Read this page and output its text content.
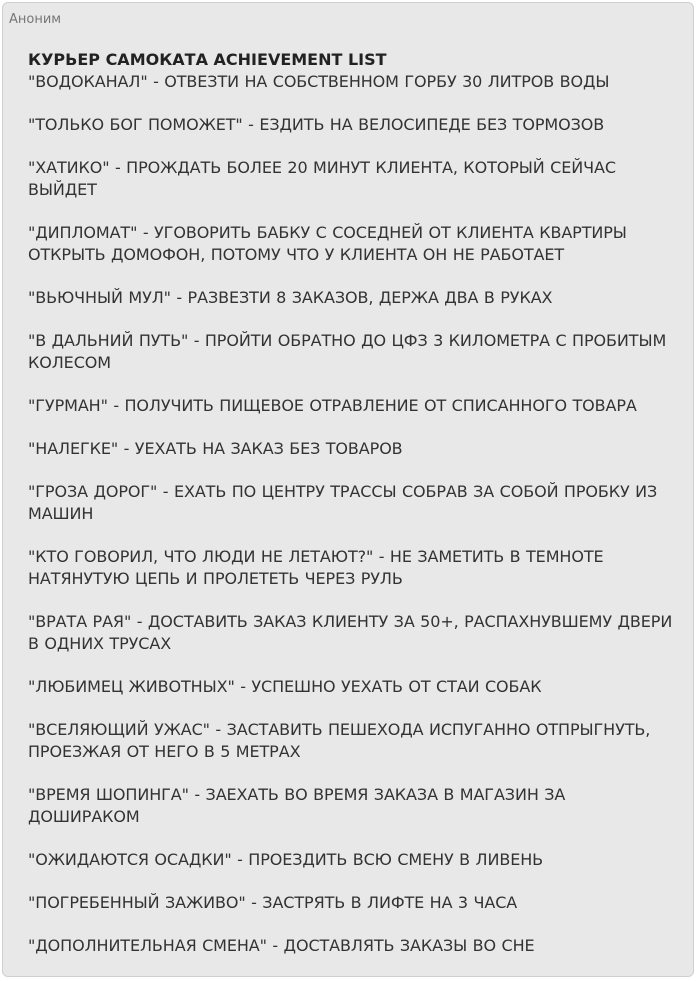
Аноним
КУРЬЕР САМОКАТА ACHIEVEMENT LIST
"ВОДОКАНАЛ" - ОТВЕЗТИ НА СОБСТВЕННОМ ГОРБУ 30 ЛИТРОВ ВОДЫ
"ТОЛЬКО БОГ ПОМОЖЕТ" - ЕЗДИТЬ НА ВЕЛОСИПЕДЕ БЕЗ ТОРМОЗОВ
"ХАТИКО" - ПРОЖДАТЬ БОЛЕЕ 20 МИНУТ КЛИЕНТА, КОТОРЫЙ СЕЙЧАС ВЫЙДЕТ
"ДИПЛОМАТ" - УГОВОРИТЬ БАБКУ С СОСЕДНЕЙ ОТ КЛИЕНТА КВАРТИРЫ ОТКРЫТЬ ДОМОФОН, ПОТОМУ ЧТО У КЛИЕНТА ОН НЕ РАБОТАЕТ
"ВЬЮЧНЫЙ МУЛ" - РАЗВЕЗТИ 8 ЗАКАЗОВ, ДЕРЖА ДВА В РУКАХ
"В ДАЛЬНИЙ ПУТЬ" - ПРОЙТИ ОБРАТНО ДО ЦФЗ 3 КИЛОМЕТРА С ПРОБИТЫМ КОЛЕСОМ
"ГУРМАН" - ПОЛУЧИТЬ ПИЩЕВОЕ ОТРАВЛЕНИЕ ОТ СПИСАННОГО ТОВАРА
"НАЛЕГКЕ" - УЕХАТЬ НА ЗАКАЗ БЕЗ ТОВАРОВ
"ГРОЗА ДОРОГ" - ЕХАТЬ ПО ЦЕНТРУ ТРАССЫ СОБРАВ ЗА СОБОЙ ПРОБКУ ИЗ МАШИН
"КТО ГОВОРИЛ, ЧТО ЛЮДИ НЕ ЛЕТАЮТ?" - НЕ ЗАМЕТИТЬ В ТЕМНОТЕ НАТЯНУТУЮ ЦЕПЬ И ПРОЛЕТЕТЬ ЧЕРЕЗ РУЛЬ
"ВРАТА РАЯ" - ДОСТАВИТЬ ЗАКАЗ КЛИЕНТУ ЗА 50+, РАСПАХНУВШЕМУ ДВЕРИ В ОДНИХ ТРУСАХ
"ЛЮБИМЕЦ ЖИВОТНЫХ" - УСПЕШНО УЕХАТЬ ОТ СТАИ СОБАК
"ВСЕЛЯЮЩИЙ УЖАС" - ЗАСТАВИТЬ ПЕШЕХОДА ИСПУГАННО ОТПРЫГНУТЬ, ПРОЕЗЖАЯ ОТ НЕГО В 5 МЕТРАХ
"ВРЕМЯ ШОПИНГА" - ЗАЕХАТЬ ВО ВРЕМЯ ЗАКАЗА В МАГАЗИН ЗА ДОШИРАКОМ
"ОЖИДАЮТСЯ ОСАДКИ" - ПРОЕЗДИТЬ ВСЮ СМЕНУ В ЛИВЕНЬ
"ПОГРЕБЕННЫЙ ЗАЖИВО" - ЗАСТРЯТЬ В ЛИФТЕ НА 3 ЧАСА
"ДОПОЛНИТЕЛЬНАЯ СМЕНА" - ДОСТАВЛЯТЬ ЗАКАЗЫ ВО СНЕ
